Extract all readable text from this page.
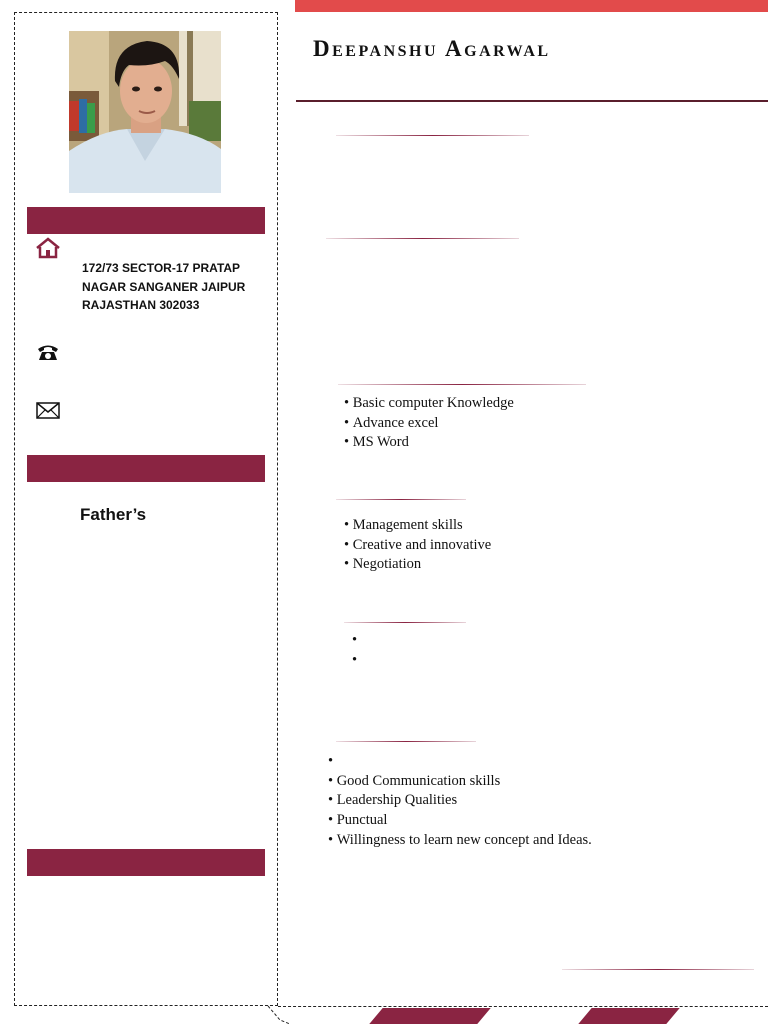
172/73 SECTOR-17 PRATAP NAGAR SANGANER JAIPUR RAJASTHAN 302033
Father’s
Deepanshu Agarwal
• Basic computer Knowledge
• Advance excel
• MS Word
• Management skills
• Creative and innovative
• Negotiation
•
•
•
• Good Communication skills
• Leadership Qualities
• Punctual
• Willingness to learn new concept and Ideas.
